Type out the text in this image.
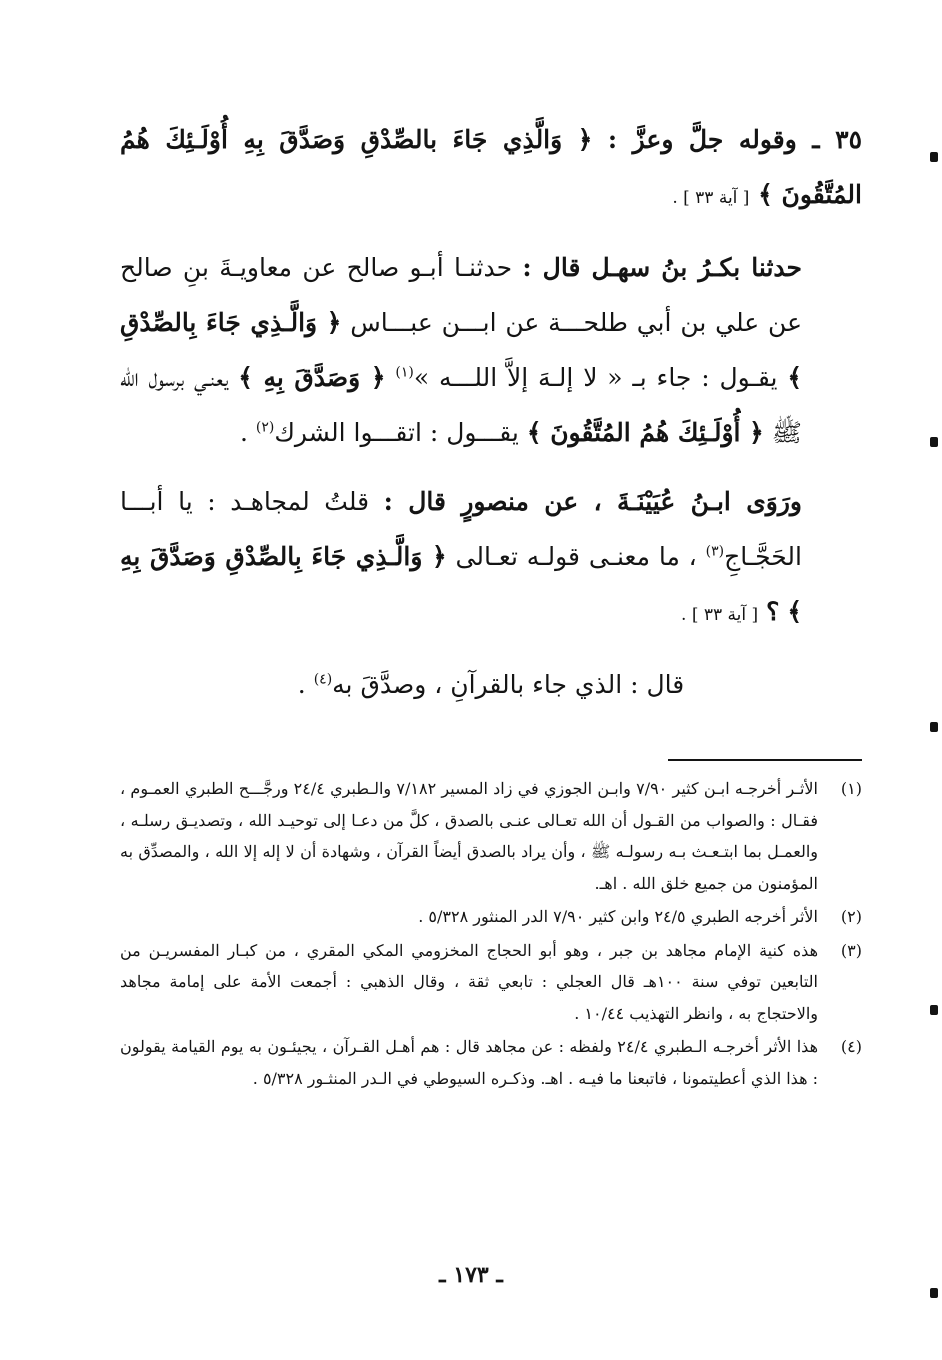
٣٥ ـ وقوله جلَّ وعزَّ : ﴿ وَالَّذِي جَاءَ بالصِّدْقِ وَصَدَّقَ بِهِ أُوْلَـئِكَ هُمُ المُتَّقُونَ ﴾ [ آية ٣٣ ] .

حدثنا بكـرُ بنُ سهـل قال : حدثنـا أبـو صالح عن معاويـةَ بنِ صالح عن علي بن أبي طلحـــة عن ابـــن عبـــاس ﴿ وَالَّـذِي جَاءَ بِالصِّدْقِ ﴾ يقـول : جاء بـ « لا إلـهَ إلاَّ اللـــه »$^{(١)}$ ﴿ وَصَدَّقَ بِهِ ﴾ يعنـي برسول الله ﷺ ﴿ أُوْلَـئِكَ هُمُ المُتَّقُونَ ﴾ يقـــول : اتقـــوا الشرك$^{(٢)}$ .

ورَوَى ابـنُ عُيَيْنَـةَ ، عن منصورٍ قال : قلتُ لمجاهـد : يا أبـــا الحَجَّـاجِ$^{(٣)}$ ، ما معنـى قولـه تعـالى ﴿ وَالَّـذِي جَاءَ بِالصِّدْقِ وَصَدَّقَ بِهِ ﴾ ؟ [ آية ٣٣ ] .

قال : الذي جاء بالقرآنِ ، وصدَّقَ به$^{(٤)}$ .

(١)
الأثـر أخرجـه ابـن كثير ٧/٩٠ وابـن الجوزي في زاد المسير ٧/١٨٢ والـطبري ٢٤/٤ ورجَّـــح الطبري العمـوم ، فقـال : والصواب من القـول أن الله تعـالى عنـى بالصدق ، كلَّ من دعـا إلى توحيـد الله ، وتصديـق رسلـه ، والعمـل بما ابتـعـث بـه رسولـه ﷺ ، وأن يراد بالصدق أيضاً القرآن ، وشهادة أن لا إله إلا الله ، والمصدِّق به المؤمنون من جميع خلق الله . اهـ.
(٢)
الأثر أخرجه الطبري ٢٤/٥ وابن كثير ٧/٩٠ الدر المنثور ٥/٣٢٨ .
(٣)
هذه كنية الإمام مجاهد بن جبر ، وهو أبو الحجاج المخزومي المكي المقري ، من كبـار المفسريـن من التابعين توفي سنة ١٠٠هـ قال العجلي : تابعي ثقة ، وقال الذهبي : أجمعت الأمة على إمامة مجاهد والاحتجاج به ، وانظر التهذيب ١٠/٤٤ .
(٤)
هذا الأثر أخرجـه الـطبري ٢٤/٤ ولفظه : عن مجاهد قال : هم أهـل القـرآن ، يجيئـون به يوم القيامة يقولون : هذا الذي أعطيتمونا ، فاتبعنا ما فيـه . اهـ. وذكـره السيوطي في الـدر المنثـور ٥/٣٢٨ .
ـ ١٧٣ ـ
